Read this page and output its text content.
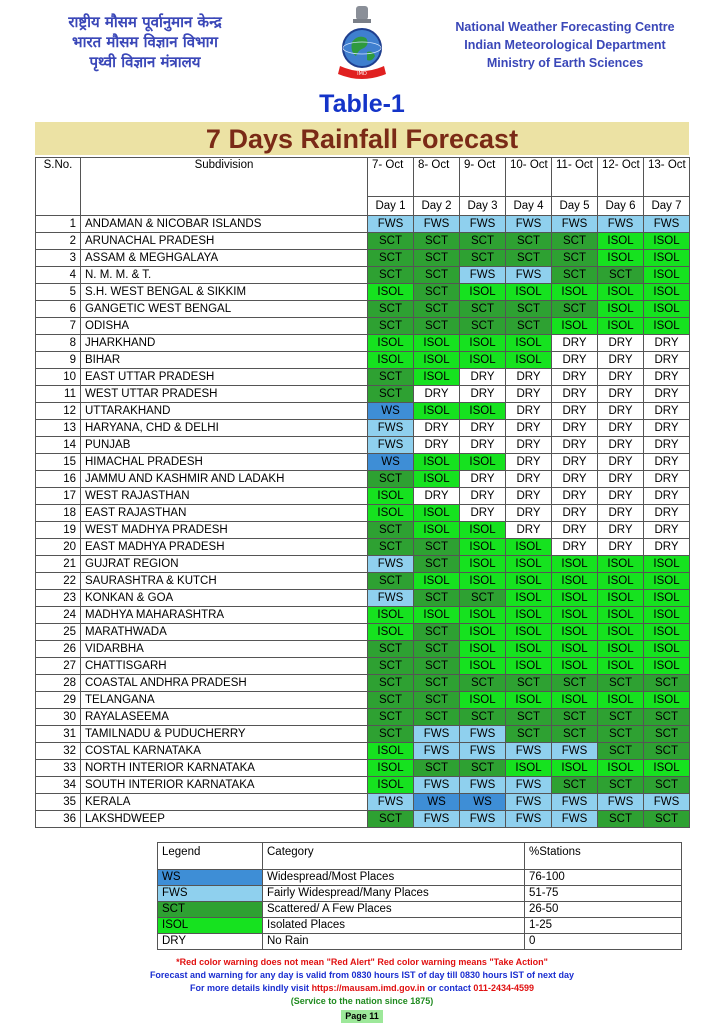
राष्ट्रीय मौसम पूर्वानुमान केन्द्र
भारत मौसम विज्ञान विभाग
पृथ्वी विज्ञान मंत्रालय
IMD
National Weather Forecasting Centre
Indian Meteorological Department
Ministry of Earth Sciences
Table-1
7 Days Rainfall Forecast
S.No.	Subdivision	7- Oct	8- Oct	9- Oct	10- Oct	11- Oct	12- Oct	13- Oct
		Day 1	Day 2	Day 3	Day 4	Day 5	Day 6	Day 7
1	ANDAMAN & NICOBAR ISLANDS	FWS	FWS	FWS	FWS	FWS	FWS	FWS
2	ARUNACHAL PRADESH	SCT	SCT	SCT	SCT	SCT	ISOL	ISOL
3	ASSAM & MEGHGALAYA	SCT	SCT	SCT	SCT	SCT	ISOL	ISOL
4	N. M. M. & T.	SCT	SCT	FWS	FWS	SCT	SCT	ISOL
5	S.H. WEST BENGAL & SIKKIM	ISOL	SCT	ISOL	ISOL	ISOL	ISOL	ISOL
6	GANGETIC WEST BENGAL	SCT	SCT	SCT	SCT	SCT	ISOL	ISOL
7	ODISHA	SCT	SCT	SCT	SCT	ISOL	ISOL	ISOL
8	JHARKHAND	ISOL	ISOL	ISOL	ISOL	DRY	DRY	DRY
9	BIHAR	ISOL	ISOL	ISOL	ISOL	DRY	DRY	DRY
10	EAST UTTAR PRADESH	SCT	ISOL	DRY	DRY	DRY	DRY	DRY
11	WEST UTTAR PRADESH	SCT	DRY	DRY	DRY	DRY	DRY	DRY
12	UTTARAKHAND	WS	ISOL	ISOL	DRY	DRY	DRY	DRY
13	HARYANA, CHD & DELHI	FWS	DRY	DRY	DRY	DRY	DRY	DRY
14	PUNJAB	FWS	DRY	DRY	DRY	DRY	DRY	DRY
15	HIMACHAL PRADESH	WS	ISOL	ISOL	DRY	DRY	DRY	DRY
16	JAMMU AND KASHMIR AND LADAKH	SCT	ISOL	DRY	DRY	DRY	DRY	DRY
17	WEST RAJASTHAN	ISOL	DRY	DRY	DRY	DRY	DRY	DRY
18	EAST RAJASTHAN	ISOL	ISOL	DRY	DRY	DRY	DRY	DRY
19	WEST MADHYA PRADESH	SCT	ISOL	ISOL	DRY	DRY	DRY	DRY
20	EAST MADHYA PRADESH	SCT	SCT	ISOL	ISOL	DRY	DRY	DRY
21	GUJRAT REGION	FWS	SCT	ISOL	ISOL	ISOL	ISOL	ISOL
22	SAURASHTRA & KUTCH	SCT	ISOL	ISOL	ISOL	ISOL	ISOL	ISOL
23	KONKAN & GOA	FWS	SCT	SCT	ISOL	ISOL	ISOL	ISOL
24	MADHYA MAHARASHTRA	ISOL	ISOL	ISOL	ISOL	ISOL	ISOL	ISOL
25	MARATHWADA	ISOL	SCT	ISOL	ISOL	ISOL	ISOL	ISOL
26	VIDARBHA	SCT	SCT	ISOL	ISOL	ISOL	ISOL	ISOL
27	CHATTISGARH	SCT	SCT	ISOL	ISOL	ISOL	ISOL	ISOL
28	COASTAL ANDHRA PRADESH	SCT	SCT	SCT	SCT	SCT	SCT	SCT
29	TELANGANA	SCT	SCT	ISOL	ISOL	ISOL	ISOL	ISOL
30	RAYALASEEMA	SCT	SCT	SCT	SCT	SCT	SCT	SCT
31	TAMILNADU & PUDUCHERRY	SCT	FWS	FWS	SCT	SCT	SCT	SCT
32	COSTAL KARNATAKA	ISOL	FWS	FWS	FWS	FWS	SCT	SCT
33	NORTH INTERIOR KARNATAKA	ISOL	SCT	SCT	ISOL	ISOL	ISOL	ISOL
34	SOUTH INTERIOR KARNATAKA	ISOL	FWS	FWS	FWS	SCT	SCT	SCT
35	KERALA	FWS	WS	WS	FWS	FWS	FWS	FWS
36	LAKSHDWEEP	SCT	FWS	FWS	FWS	FWS	SCT	SCT
Legend	Category	%Stations
WS	Widespread/Most Places	76-100
FWS	Fairly Widespread/Many Places	51-75
SCT	Scattered/ A Few Places	26-50
ISOL	Isolated Places	1-25
DRY	No Rain	0
*Red color warning does not mean "Red Alert" Red color warning means "Take Action"
Forecast and warning for any day is valid from 0830 hours IST of day till 0830 hours IST of next day
For more details kindly visit https://mausam.imd.gov.in or contact 011-2434-4599
(Service to the nation since 1875)
Page 11
